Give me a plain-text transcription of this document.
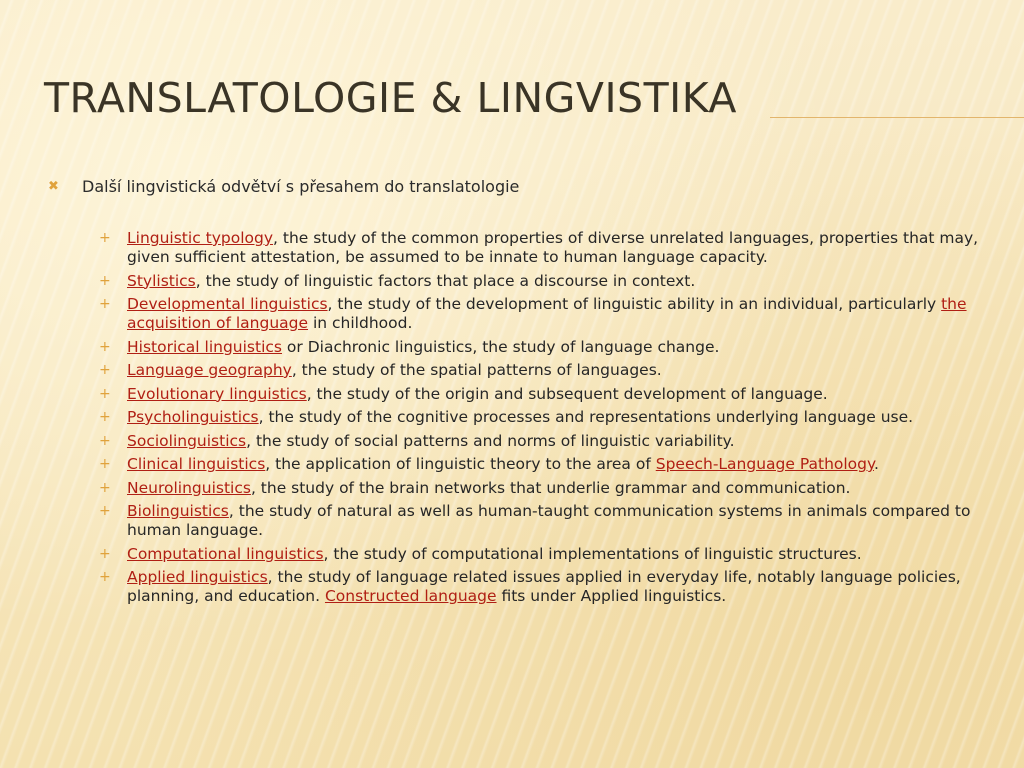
TRANSLATOLOGIE & LINGVISTIKA
✖	Další lingvistická odvětví s přesahem do translatologie
+	Linguistic typology, the study of the common properties of diverse unrelated languages, properties that may, given sufficient attestation, be assumed to be innate to human language capacity.
+	Stylistics, the study of linguistic factors that place a discourse in context.
+	Developmental linguistics, the study of the development of linguistic ability in an individual, particularly the acquisition of language in childhood.
+	Historical linguistics or Diachronic linguistics, the study of language change.
+	Language geography, the study of the spatial patterns of languages.
+	Evolutionary linguistics, the study of the origin and subsequent development of language.
+	Psycholinguistics, the study of the cognitive processes and representations underlying language use.
+	Sociolinguistics, the study of social patterns and norms of linguistic variability.
+	Clinical linguistics, the application of linguistic theory to the area of Speech-Language Pathology.
+	Neurolinguistics, the study of the brain networks that underlie grammar and communication.
+	Biolinguistics, the study of natural as well as human-taught communication systems in animals compared to human language.
+	Computational linguistics, the study of computational implementations of linguistic structures.
+	Applied linguistics, the study of language related issues applied in everyday life, notably language policies, planning, and education. Constructed language fits under Applied linguistics.
